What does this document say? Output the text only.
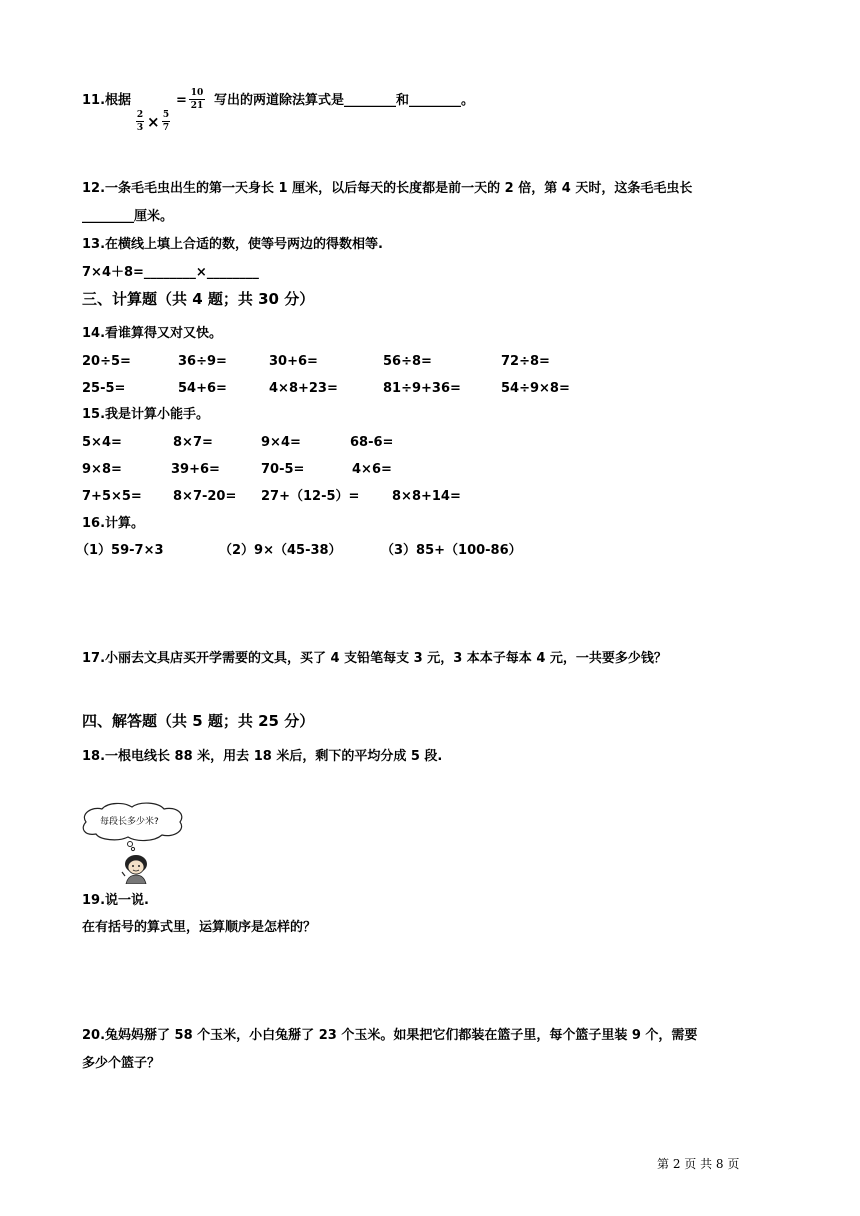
11.根据
2
3 × 5
7
= 10
21 写出的两道除法算式是________和________。
12.一条毛毛虫出生的第一天身长 1 厘米，以后每天的长度都是前一天的 2 倍，第 4 天时，这条毛毛虫长
________厘米。
13.在横线上填上合适的数，使等号两边的得数相等.
7×4＋8=________×________
三、计算题（共 4 题；共 30 分）
14.看谁算得又对又快。
20÷5=	36÷9=	30+6=	56÷8=	72÷8=
25-5=	54+6=	4×8+23=	81÷9+36=	54÷9×8=
15.我是计算小能手。
5×4=	8×7=	9×4=	68-6=
9×8=	39+6=	70-5=	4×6=
7+5×5= 8×7-20= 27+（12-5）=	8×8+14=
16.计算。
（1）59-7×3	（2）9×（45-38）	（3）85+（100-86）
17.小丽去文具店买开学需要的文具，买了 4 支铅笔每支 3 元，3 本本子每本 4 元，一共要多少钱？
四、解答题（共 5 题；共 25 分）
18.一根电线长 88 米，用去 18 米后，剩下的平均分成 5 段.
每段长多少米?
19.说一说.
在有括号的算式里，运算顺序是怎样的？
20.兔妈妈掰了 58 个玉米，小白兔掰了 23 个玉米。如果把它们都装在篮子里，每个篮子里装 9 个，需要
多少个篮子？
第 2 页 共 8 页
